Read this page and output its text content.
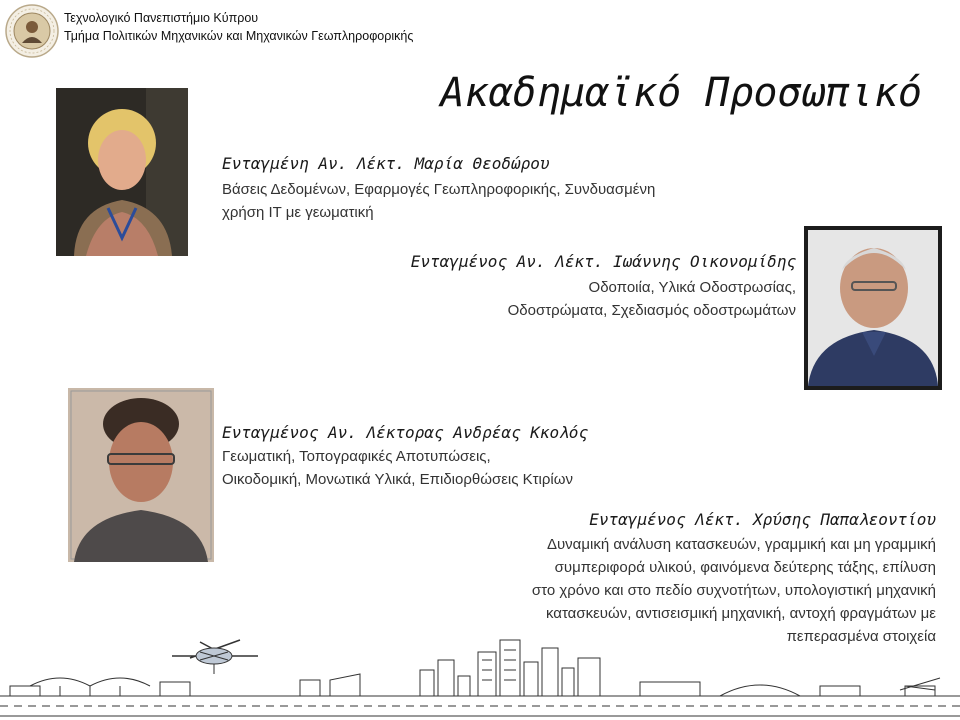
Τεχνολογικό Πανεπιστήμιο Κύπρου
Τμήμα Πολιτικών Μηχανικών και Μηχανικών Γεωπληροφορικής
Ακαδημαϊκό Προσωπικό
Ενταγμένη Αν. Λέκτ. Μαρία Θεοδώρου
Βάσεις Δεδομένων, Εφαρμογές Γεωπληροφορικής, Συνδυασμένη
χρήση IT με γεωματική
Ενταγμένος Αν. Λέκτ. Ιωάννης Οικονομίδης
Οδοποιία, Υλικά Οδοστρωσίας,
Οδοστρώματα, Σχεδιασμός οδοστρωμάτων
Ενταγμένος Αν. Λέκτορας Ανδρέας Κκολός
Γεωματική, Τοπογραφικές Αποτυπώσεις,
Οικοδομική, Μονωτικά Υλικά, Επιδιορθώσεις Κτιρίων
Ενταγμένος Λέκτ. Χρύσης Παπαλεοντίου
Δυναμική ανάλυση κατασκευών, γραμμική και μη γραμμική
συμπεριφορά υλικού, φαινόμενα δεύτερης τάξης, επίλυση
στο χρόνο και στο πεδίο συχνοτήτων, υπολογιστική μηχανική
κατασκευών, αντισεισμική μηχανική, αντοχή φραγμάτων με
πεπερασμένα στοιχεία
